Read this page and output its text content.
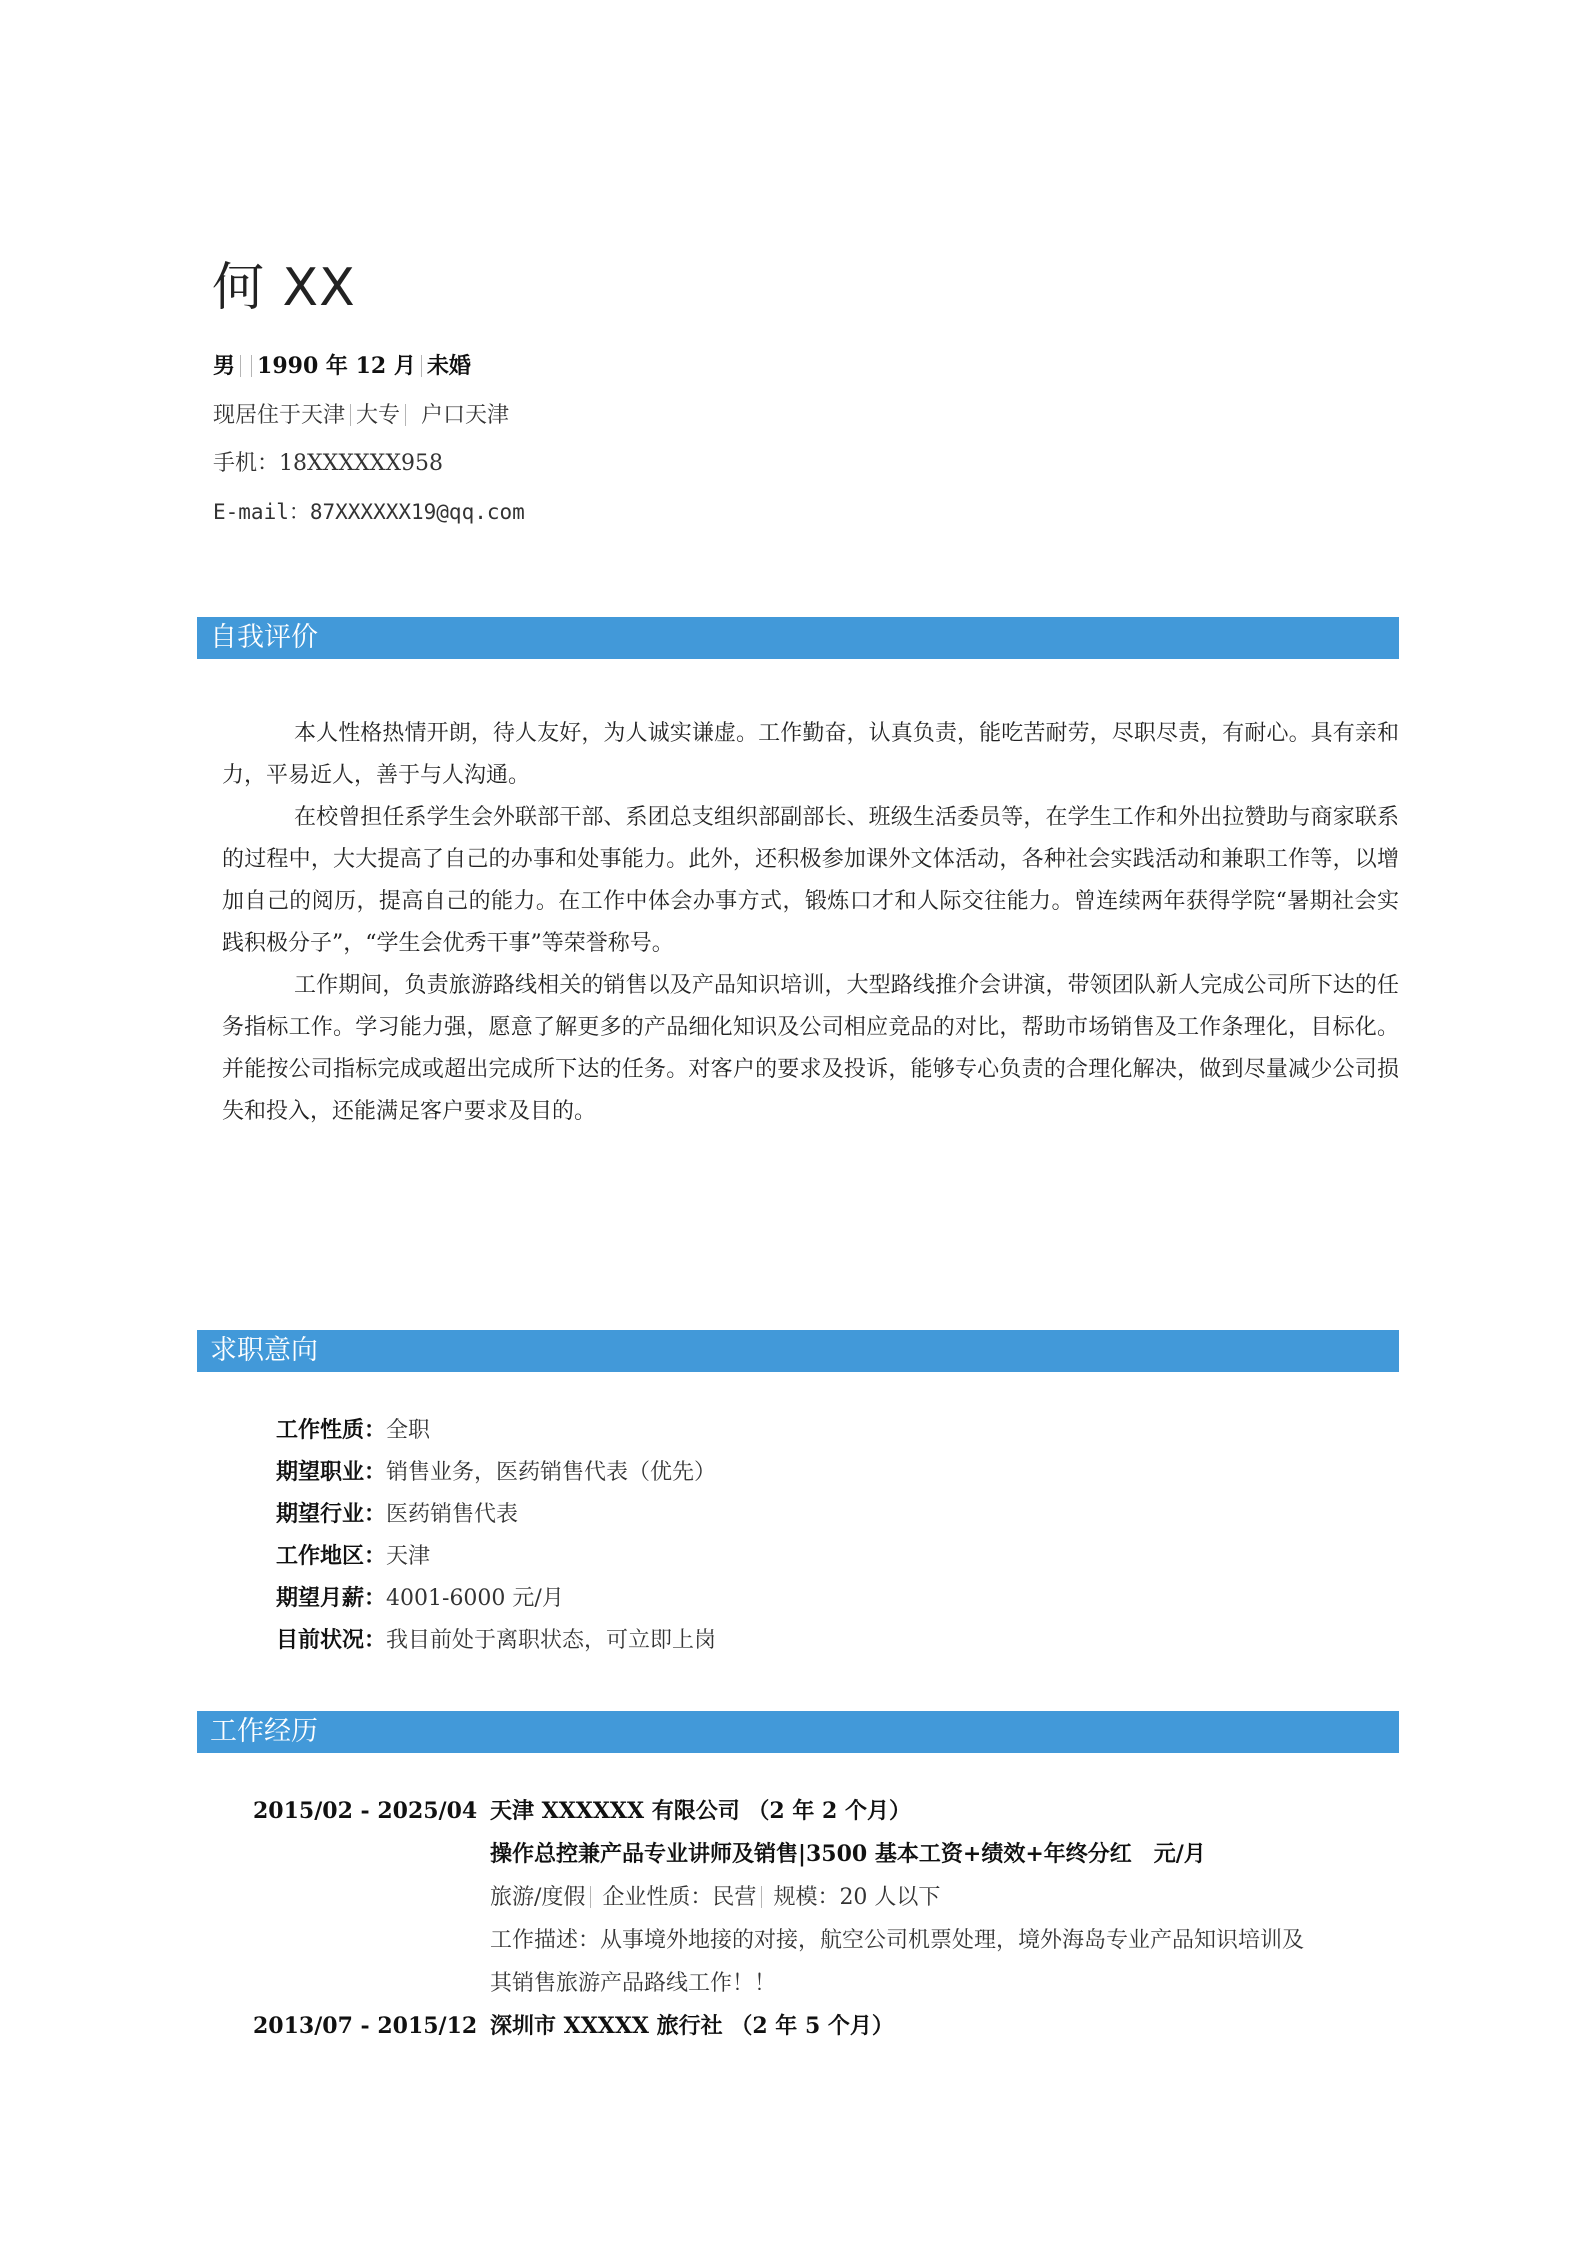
何 XX
男 1990 年 12 月 未婚
现居住于天津 大专 户口天津
手机：18XXXXXX958
E-mail：87XXXXXX19@qq.com
自我评价

本人性格热情开朗，待人友好，为人诚实谦虚。工作勤奋，认真负责，能吃苦耐劳，尽职尽责，有耐心。具有亲和力，平易近人，善于与人沟通。

在校曾担任系学生会外联部干部、系团总支组织部副部长、班级生活委员等，在学生工作和外出拉赞助与商家联系的过程中，大大提高了自己的办事和处事能力。此外，还积极参加课外文体活动，各种社会实践活动和兼职工作等，以增加自己的阅历，提高自己的能力。在工作中体会办事方式，锻炼口才和人际交往能力。曾连续两年获得学院“暑期社会实践积极分子”，“学生会优秀干事”等荣誉称号。

工作期间，负责旅游路线相关的销售以及产品知识培训，大型路线推介会讲演，带领团队新人完成公司所下达的任务指标工作。学习能力强，愿意了解更多的产品细化知识及公司相应竞品的对比，帮助市场销售及工作条理化，目标化。并能按公司指标完成或超出完成所下达的任务。对客户的要求及投诉，能够专心负责的合理化解决，做到尽量减少公司损失和投入，还能满足客户要求及目的。

求职意向
工作性质：全职
期望职业：销售业务，医药销售代表（优先）
期望行业：医药销售代表
工作地区：天津
期望月薪：4001-6000 元/月
目前状况：我目前处于离职状态，可立即上岗
工作经历
2015/02 - 2025/04 天津 XXXXXX 有限公司 （2 年 2 个月）
操作总控兼产品专业讲师及销售|3500 基本工资+绩效+年终分红　元/月
旅游/度假 企业性质：民营 规模：20 人以下
工作描述：从事境外地接的对接，航空公司机票处理，境外海岛专业产品知识培训及其销售旅游产品路线工作！！
2013/07 - 2015/12 深圳市 XXXXX 旅行社 （2 年 5 个月）
